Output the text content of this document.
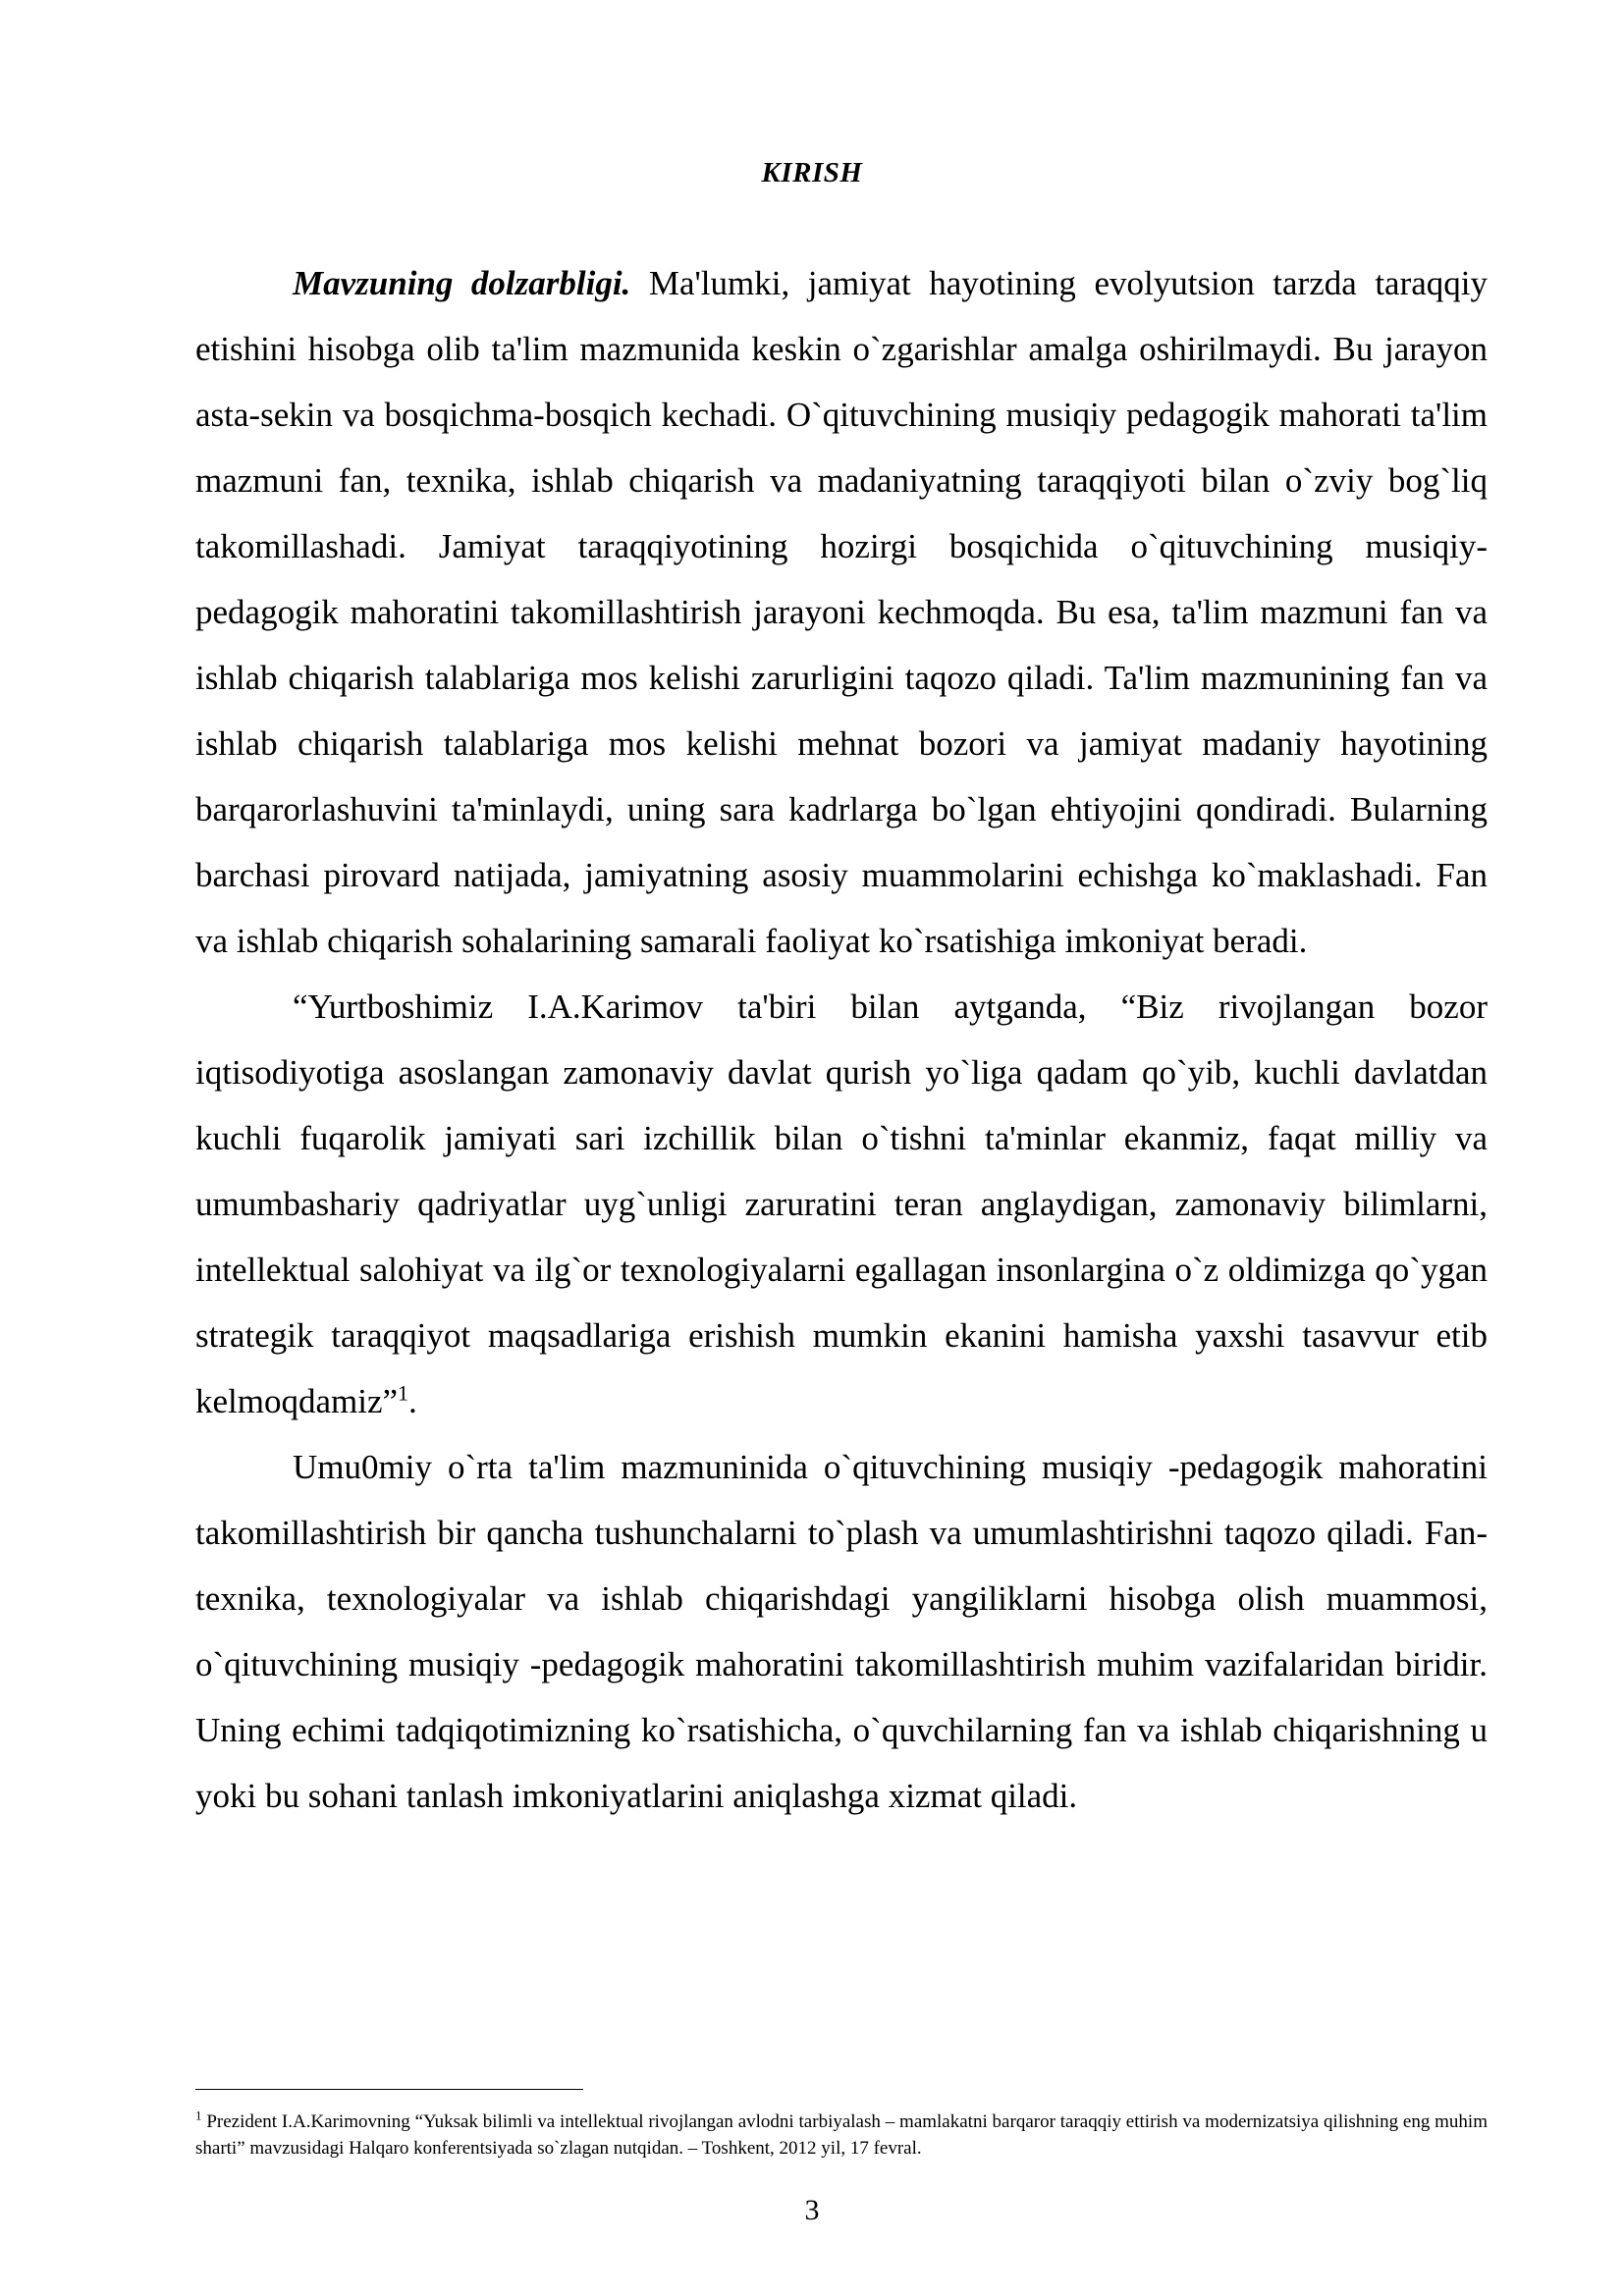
KIRISH

Mavzuning dolzarbligi. Ma'lumki, jamiyat hayotining evolyutsion tarzda taraqqiy etishini hisobga olib ta'lim mazmunida keskin o`zgarishlar amalga oshirilmaydi. Bu jarayon asta-sekin va bosqichma-bosqich kechadi. O`qituvchining musiqiy pedagogik mahorati ta'lim mazmuni fan, texnika, ishlab chiqarish va madaniyatning taraqqiyoti bilan o`zviy bog`liq takomillashadi. Jamiyat taraqqiyotining hozirgi bosqichida o`qituvchining musiqiy-pedagogik mahoratini takomillashtirish jarayoni kechmoqda. Bu esa, ta'lim mazmuni fan va ishlab chiqarish talablariga mos kelishi zarurligini taqozo qiladi. Ta'lim mazmunining fan va ishlab chiqarish talablariga mos kelishi mehnat bozori va jamiyat madaniy hayotining barqarorlashuvini ta'minlaydi, uning sara kadrlarga bo`lgan ehtiyojini qondiradi. Bularning barchasi pirovard natijada, jamiyatning asosiy muammolarini echishga ko`maklashadi. Fan va ishlab chiqarish sohalarining samarali faoliyat ko`rsatishiga imkoniyat beradi.

“Yurtboshimiz I.A.Karimov ta'biri bilan aytganda, “Biz rivojlangan bozor iqtisodiyotiga asoslangan zamonaviy davlat qurish yo`liga qadam qo`yib, kuchli davlatdan kuchli fuqarolik jamiyati sari izchillik bilan o`tishni ta'minlar ekanmiz, faqat milliy va umumbashariy qadriyatlar uyg`unligi zaruratini teran anglaydigan, zamonaviy bilimlarni, intellektual salohiyat va ilg`or texnologiyalarni egallagan insonlargina o`z oldimizga qo`ygan strategik taraqqiyot maqsadlariga erishish mumkin ekanini hamisha yaxshi tasavvur etib kelmoqdamiz”$^1$.

Umu0miy o`rta ta'lim mazmuninida o`qituvchining musiqiy -pedagogik mahoratini takomillashtirish bir qancha tushunchalarni to`plash va umumlashtirishni taqozo qiladi. Fan-texnika, texnologiyalar va ishlab chiqarishdagi yangiliklarni hisobga olish muammosi, o`qituvchining musiqiy -pedagogik mahoratini takomillashtirish muhim vazifalaridan biridir. Uning echimi tadqiqotimizning ko`rsatishicha, o`quvchilarning fan va ishlab chiqarishning u yoki bu sohani tanlash imkoniyatlarini aniqlashga xizmat qiladi.

$^1$ Prezident I.A.Karimovning “Yuksak bilimli va intellektual rivojlangan avlodni tarbiyalash – mamlakatni barqaror taraqqiy ettirish va modernizatsiya qilishning eng muhim sharti” mavzusidagi Halqaro konferentsiyada so`zlagan nutqidan. – Toshkent, 2012 yil, 17 fevral.
3
